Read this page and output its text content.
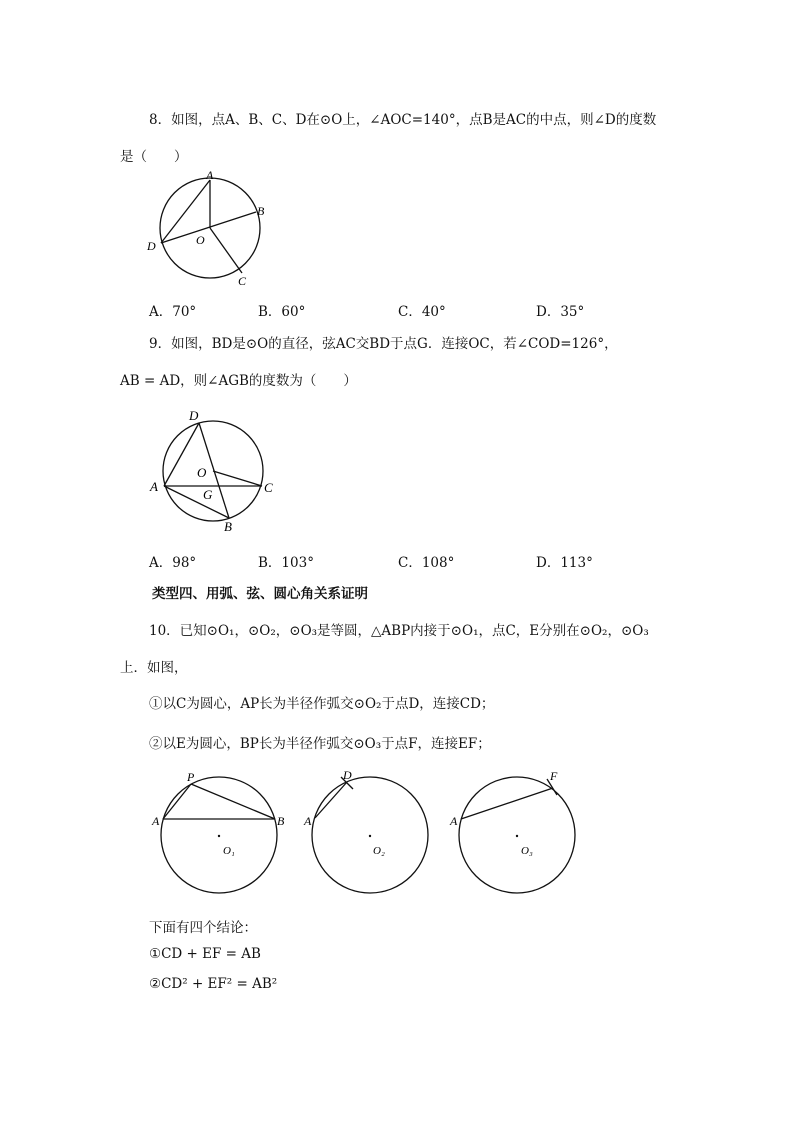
8．如图，点A、B、C、D在⊙O上，∠AOC=140°，点B是AC的中点，则∠D的度数
是（　　）
A
B
C
D	O
A．70°	B．60°	C．40°	D．35°
9．如图，BD是⊙O的直径，弦AC交BD于点G．连接OC，若∠COD=126°，
AB = AD，则∠AGB的度数为（　　）
D
A	C
B
O
G
A．98°	B．103°	C．108°	D．113°
类型四、用弧、弦、圆心角关系证明
10．已知⊙O₁，⊙O₂，⊙O₃是等圆，△ABP内接于⊙O₁，点C，E分别在⊙O₂，⊙O₃
上．如图，
①以C为圆心，AP长为半径作弧交⊙O₂于点D，连接CD；
②以E为圆心，BP长为半径作弧交⊙O₃于点F，连接EF；
P
A	B
O₁
D
A
O₂
F
A
O₃
下面有四个结论：
①CD + EF = AB
②CD² + EF² = AB²
